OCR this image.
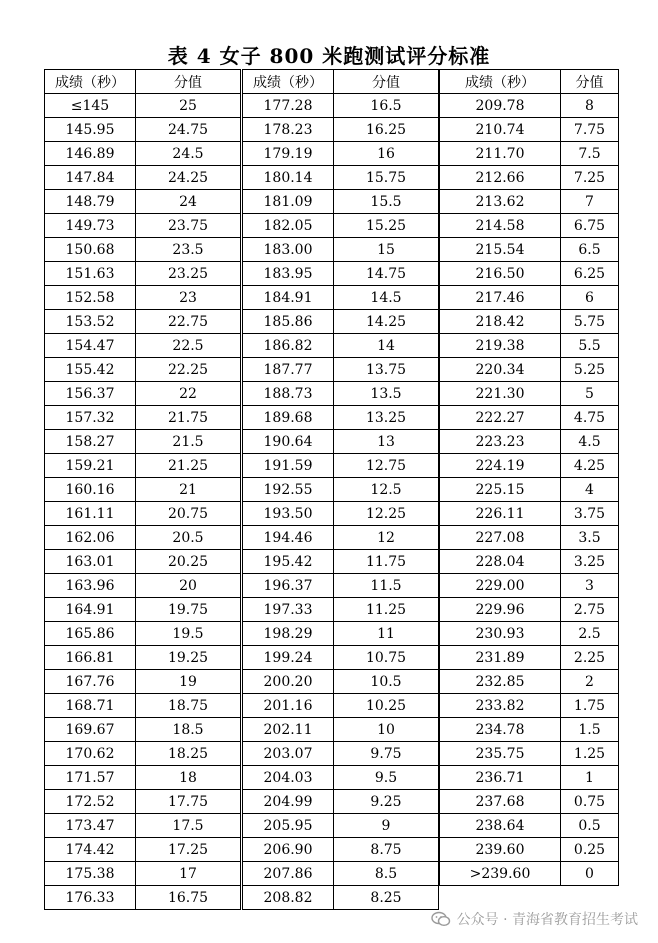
表 4 女子 800 米跑测试评分标准
成绩（秒）	分值
≤145	25
145.95	24.75
146.89	24.5
147.84	24.25
148.79	24
149.73	23.75
150.68	23.5
151.63	23.25
152.58	23
153.52	22.75
154.47	22.5
155.42	22.25
156.37	22
157.32	21.75
158.27	21.5
159.21	21.25
160.16	21
161.11	20.75
162.06	20.5
163.01	20.25
163.96	20
164.91	19.75
165.86	19.5
166.81	19.25
167.76	19
168.71	18.75
169.67	18.5
170.62	18.25
171.57	18
172.52	17.75
173.47	17.5
174.42	17.25
175.38	17
176.33	16.75
成绩（秒）	分值
177.28	16.5
178.23	16.25
179.19	16
180.14	15.75
181.09	15.5
182.05	15.25
183.00	15
183.95	14.75
184.91	14.5
185.86	14.25
186.82	14
187.77	13.75
188.73	13.5
189.68	13.25
190.64	13
191.59	12.75
192.55	12.5
193.50	12.25
194.46	12
195.42	11.75
196.37	11.5
197.33	11.25
198.29	11
199.24	10.75
200.20	10.5
201.16	10.25
202.11	10
203.07	9.75
204.03	9.5
204.99	9.25
205.95	9
206.90	8.75
207.86	8.5
208.82	8.25
成绩（秒）	分值
209.78	8
210.74	7.75
211.70	7.5
212.66	7.25
213.62	7
214.58	6.75
215.54	6.5
216.50	6.25
217.46	6
218.42	5.75
219.38	5.5
220.34	5.25
221.30	5
222.27	4.75
223.23	4.5
224.19	4.25
225.15	4
226.11	3.75
227.08	3.5
228.04	3.25
229.00	3
229.96	2.75
230.93	2.5
231.89	2.25
232.85	2
233.82	1.75
234.78	1.5
235.75	1.25
236.71	1
237.68	0.75
238.64	0.5
239.60	0.25
>239.60	0
公众号 · 青海省教育招生考试
